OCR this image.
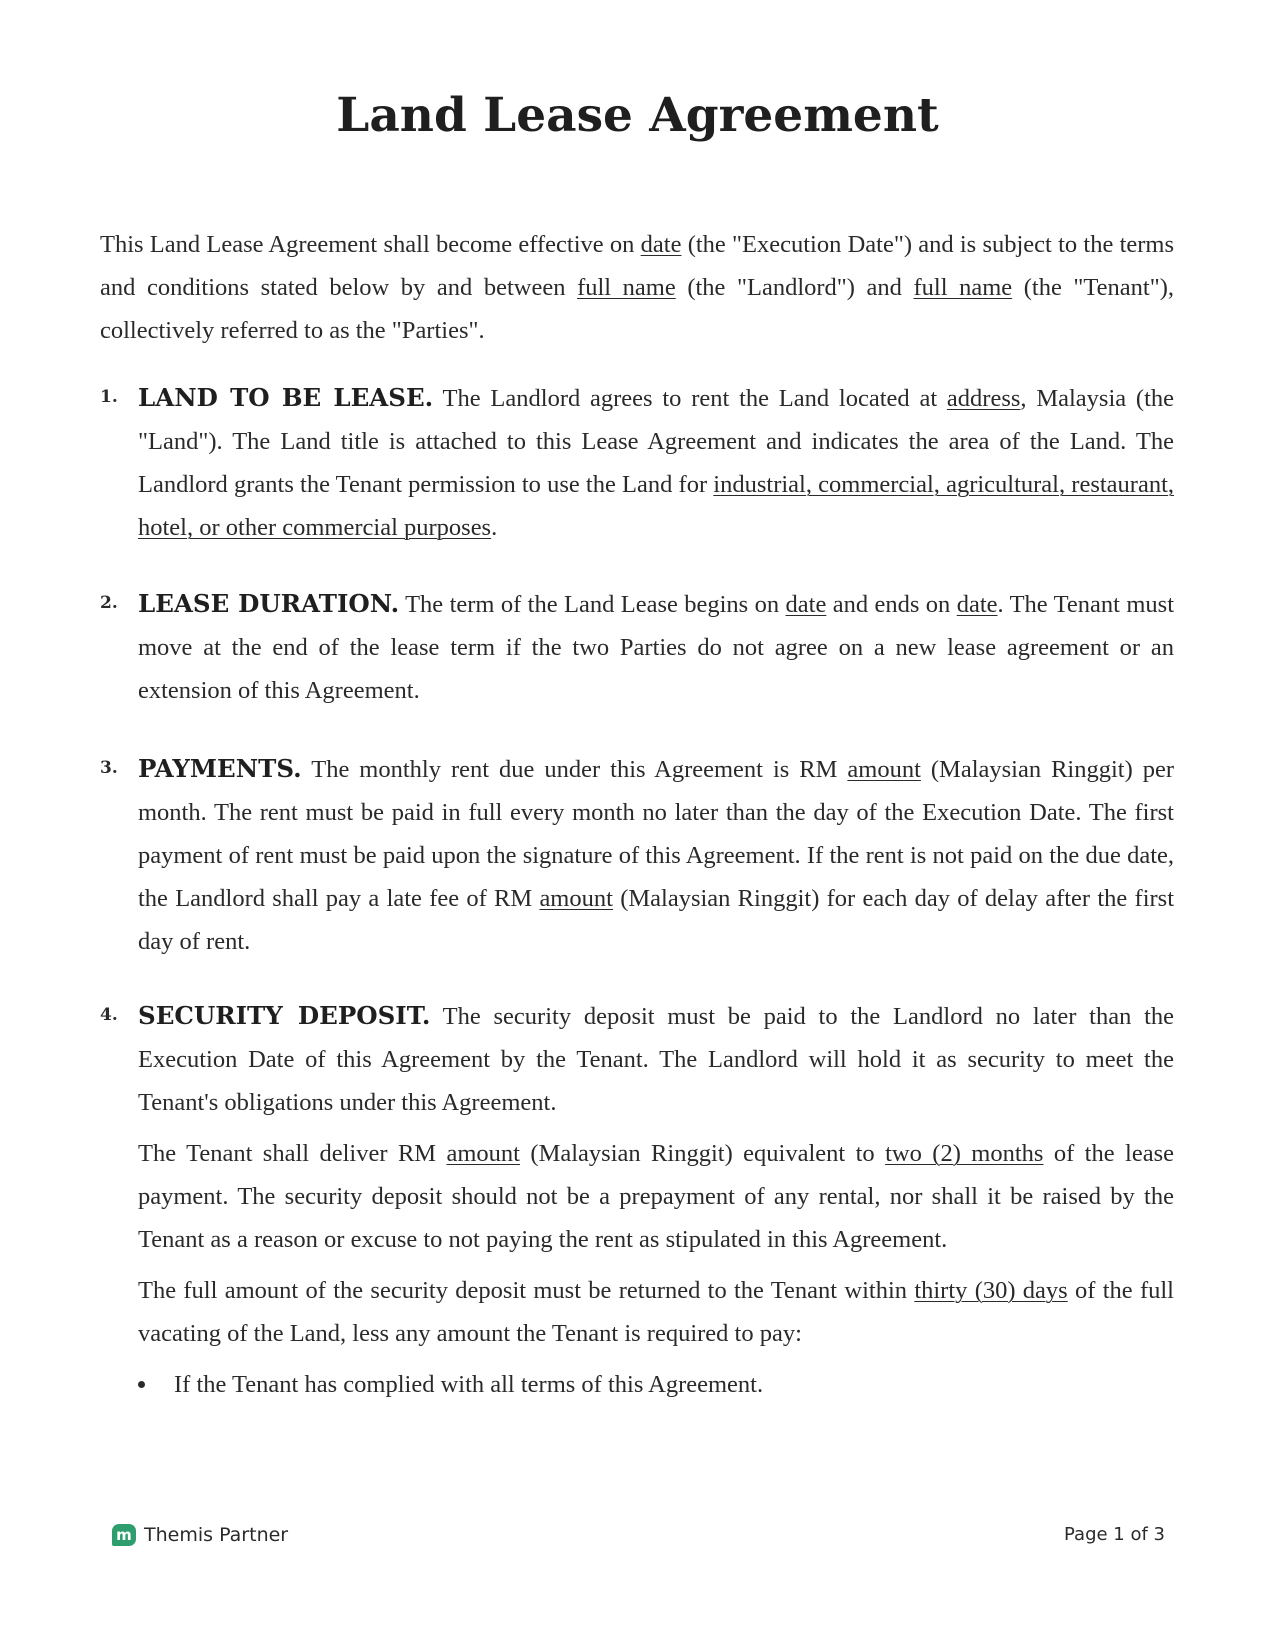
Land Lease Agreement

This Land Lease Agreement shall become effective on date (the "Execution Date") and is subject to the terms and conditions stated below by and between full name (the "Landlord") and full name (the "Tenant"), collectively referred to as the "Parties".

1. LAND TO BE LEASE. The Landlord agrees to rent the Land located at address, Malaysia (the "Land"). The Land title is attached to this Lease Agreement and indicates the area of the Land. The Landlord grants the Tenant permission to use the Land for industrial, commercial, agricultural, restaurant, hotel, or other commercial purposes.

2. LEASE DURATION. The term of the Land Lease begins on date and ends on date. The Tenant must move at the end of the lease term if the two Parties do not agree on a new lease agreement or an extension of this Agreement.

3. PAYMENTS. The monthly rent due under this Agreement is RM amount (Malaysian Ringgit) per month. The rent must be paid in full every month no later than the day of the Execution Date. The first payment of rent must be paid upon the signature of this Agreement. If the rent is not paid on the due date, the Landlord shall pay a late fee of RM amount (Malaysian Ringgit) for each day of delay after the first day of rent.

4. SECURITY DEPOSIT. The security deposit must be paid to the Landlord no later than the Execution Date of this Agreement by the Tenant. The Landlord will hold it as security to meet the Tenant's obligations under this Agreement.

The Tenant shall deliver RM amount (Malaysian Ringgit) equivalent to two (2) months of the lease payment. The security deposit should not be a prepayment of any rental, nor shall it be raised by the Tenant as a reason or excuse to not paying the rent as stipulated in this Agreement.

The full amount of the security deposit must be returned to the Tenant within thirty (30) days of the full vacating of the Land, less any amount the Tenant is required to pay:

If the Tenant has complied with all terms of this Agreement.
m Themis Partner	Page 1 of 3
